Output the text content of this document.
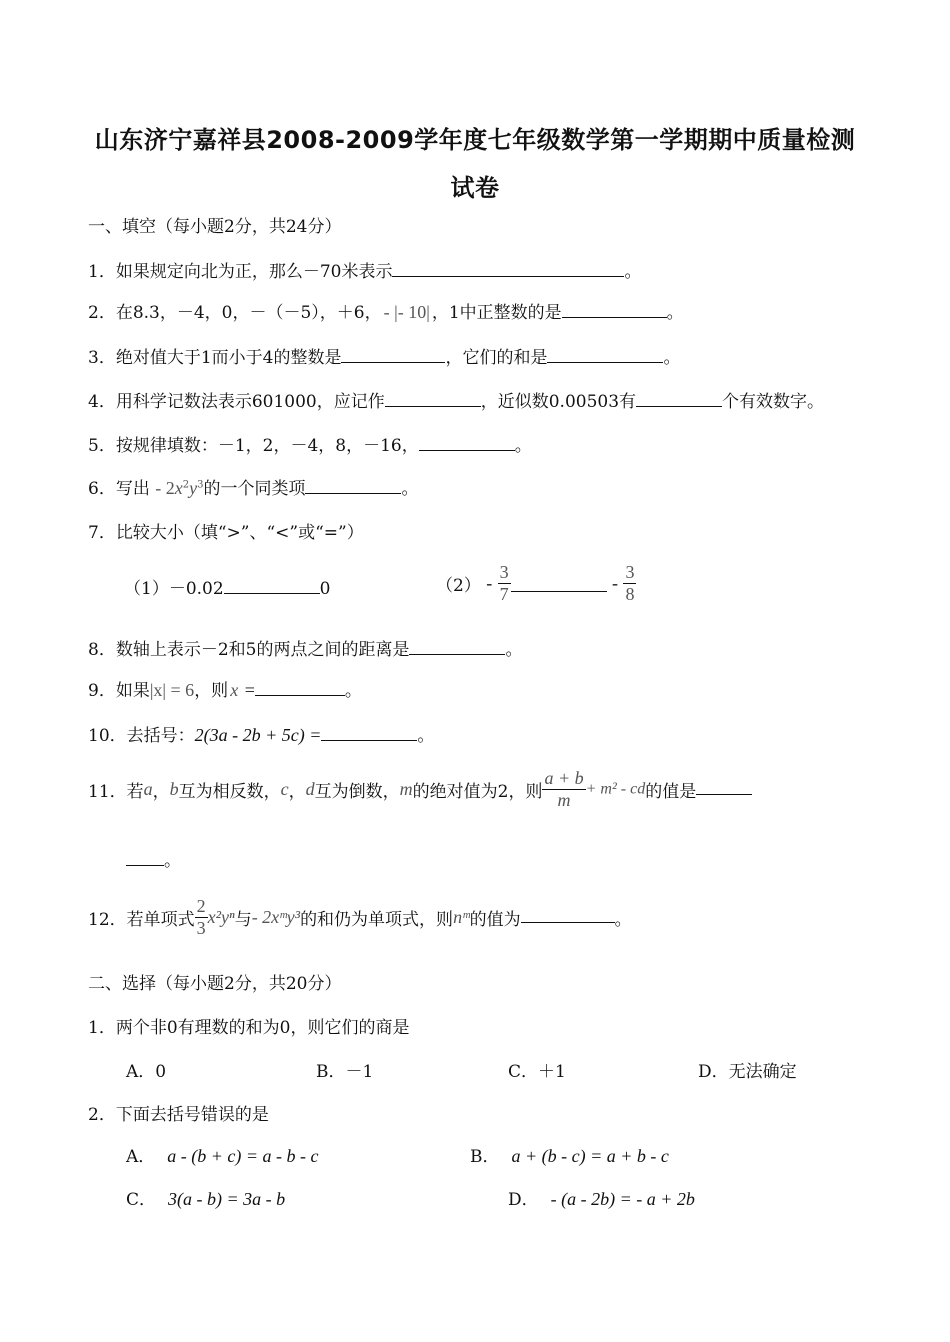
山东济宁嘉祥县2008-2009学年度七年级数学第一学期期中质量检测
试卷
一、填空（每小题2分，共24分）
1．如果规定向北为正，那么－70米表示	。
2．在8.3，－4，0，－（－5），＋6， - |- 10| ，1中正整数的是	。
3．绝对值大于1而小于4的整数是	，它们的和是	。
4．用科学记数法表示601000，应记作	，近似数0.00503有	个有效数字。
5．按规律填数：－1，2，－4，8，－16，	。
6．写出 - $2x^2y^3$的一个同类项	。
7．比较大小（填“>”、“<”或“=”）
（1）－0.02	0	$(2) - \frac{3}{7}$	- $\frac{3}{8}$
8．数轴上表示－2和5的两点之间的距离是	。
9．如果|x| = 6，则 x =	。
10．去括号：2(3a - 2b + 5c) =	。
11．若a，b互为相反数，c，d互为倒数，m的绝对值为2，则 $\frac{a + b}{m} + m^2$ - cd的值是
。
12．若单项式 $\frac{2}{3} x^2y^n$与- 2xᵐy³的和仍为单项式，则nᵐ的值为	。
二、选择（每小题2分，共20分）
1．两个非0有理数的和为0，则它们的商是
A．0	B．－1	C．＋1	D．无法确定
2．下面去括号错误的是
A． a - (b + c) = a - b - c	B． a + (b - c) = a + b - c
C． 3(a - b) = 3a - b	D． - (a - 2b) = - a + 2b
